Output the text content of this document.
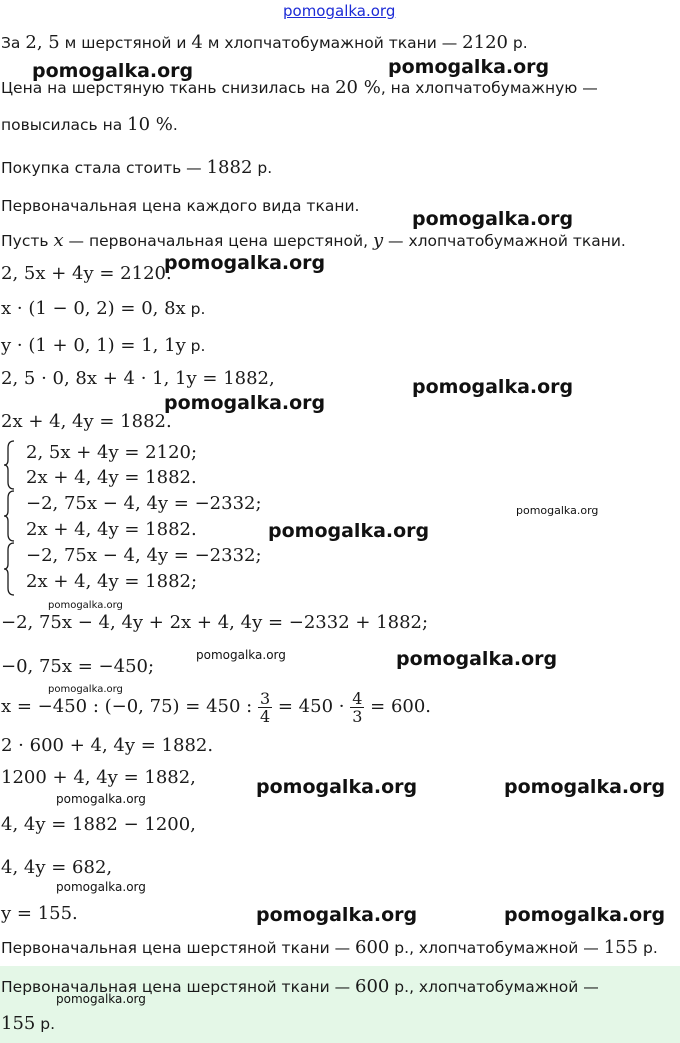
pomogalka.org
За 2, 5 м шерстяной и 4 м хлопчатобумажной ткани — 2120 р.
Цена на шерстяную ткань снизилась на 20 %, на хлопчатобумажную —
повысилась на 10 %.
Покупка стала стоить — 1882 р.
Первоначальная цена каждого вида ткани.
Пусть x — первоначальная цена шерстяной, y — хлопчатобумажной ткани.
2, 5x + 4y = 2120.
x · (1 − 0, 2) = 0, 8x р.
y · (1 + 0, 1) = 1, 1y р.
2, 5 · 0, 8x + 4 · 1, 1y = 1882,
2x + 4, 4y = 1882.
2, 5x + 4y = 2120;
2x + 4, 4y = 1882.
−2, 75x − 4, 4y = −2332;
2x + 4, 4y = 1882.
−2, 75x − 4, 4y = −2332;
2x + 4, 4y = 1882;
−2, 75x − 4, 4y + 2x + 4, 4y = −2332 + 1882;
−0, 75x = −450;
x = −450 : (−0, 75) = 450 : $\frac{3}{4} = 450 \cdot \frac{4}{3} = 600$.
2 · 600 + 4, 4y = 1882.
1200 + 4, 4y = 1882,
4, 4y = 1882 − 1200,
4, 4y = 682,
y = 155.
Первоначальная цена шерстяной ткани — 600 р., хлопчатобумажной — 155 р.
Первоначальная цена шерстяной ткани — 600 р., хлопчатобумажной —
155 р.
pomogalka.org	pomogalka.org
pomogalka.org
pomogalka.org
pomogalka.org
pomogalka.org
pomogalka.org
pomogalka.org
pomogalka.org
pomogalka.org	pomogalka.org
pomogalka.org
pomogalka.org	pomogalka.org
pomogalka.org
pomogalka.org
pomogalka.org	pomogalka.org
pomogalka.org
